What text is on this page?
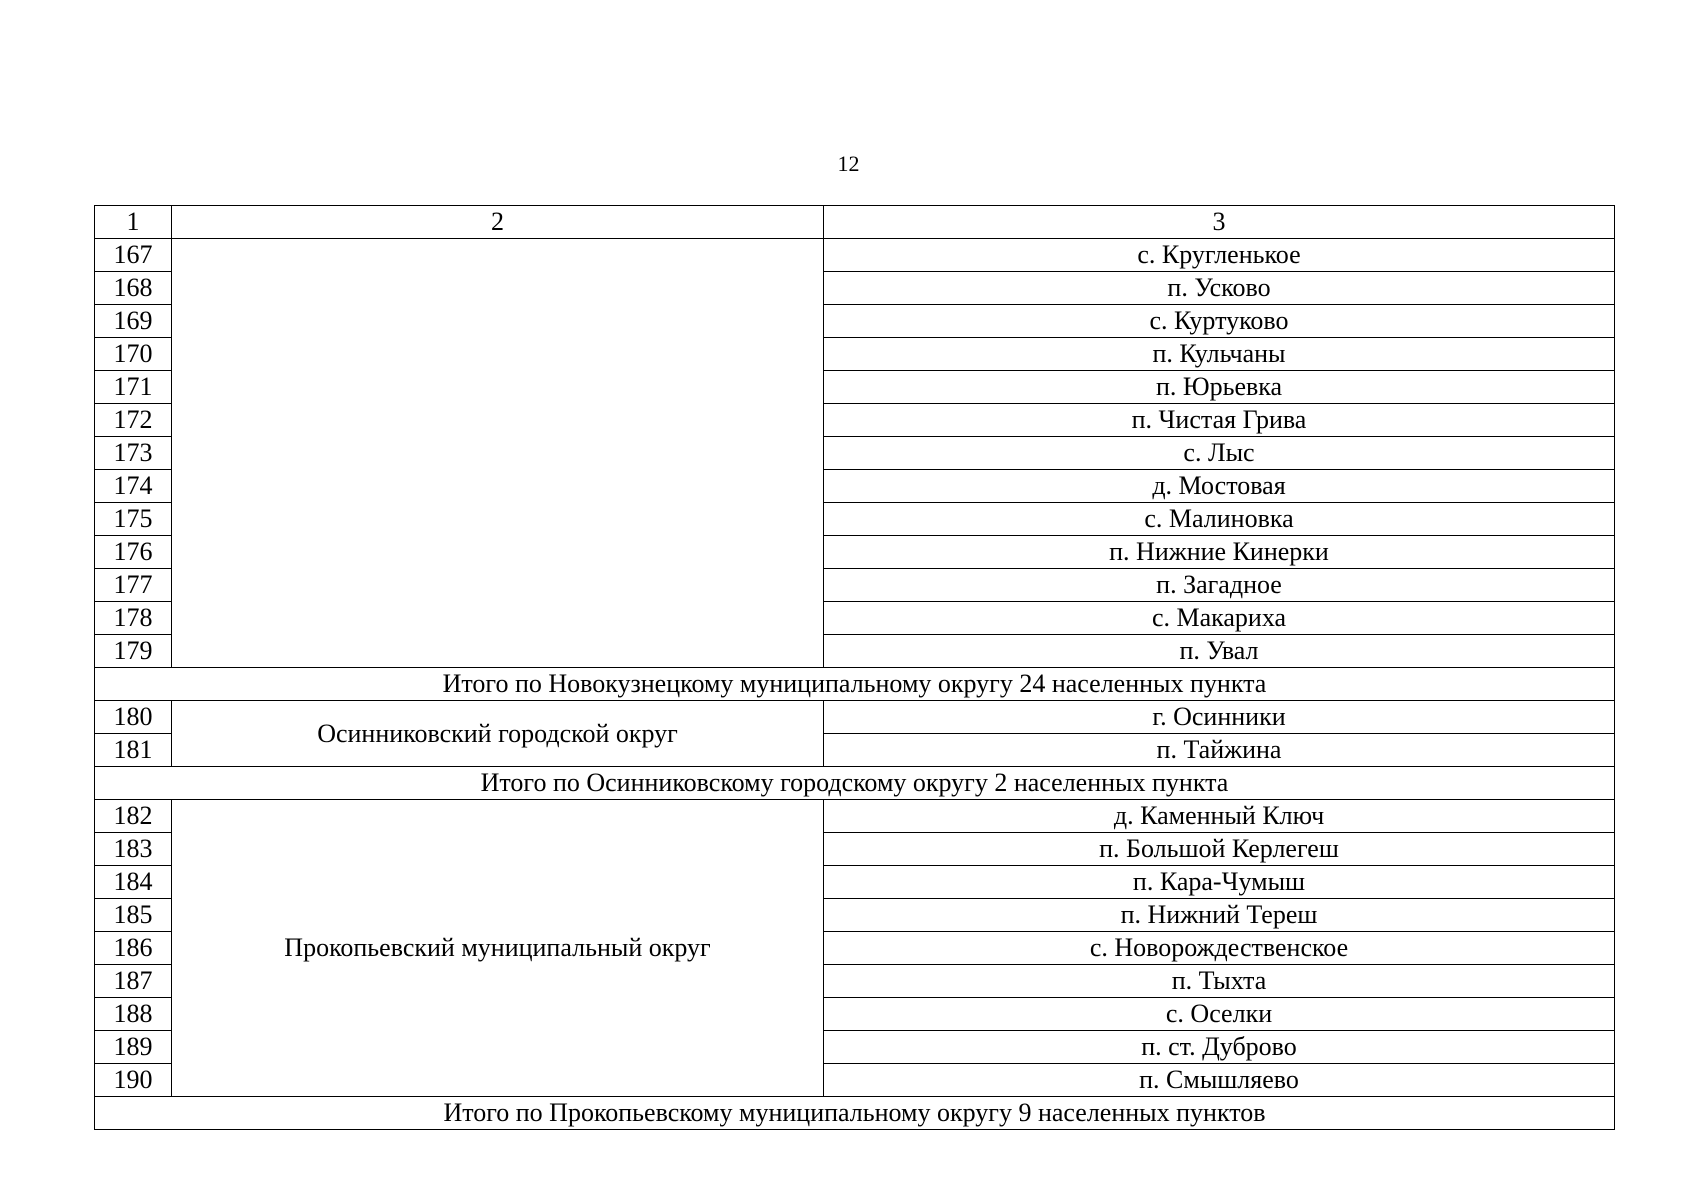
12
1	2	3
167		с. Кругленькое
168		п. Усково
169		с. Куртуково
170		п. Кульчаны
171		п. Юрьевка
172		п. Чистая Грива
173		с. Лыс
174		д. Мостовая
175		с. Малиновка
176		п. Нижние Кинерки
177		п. Загадное
178		с. Макариха
179		п. Увал
Итого по Новокузнецкому муниципальному округу 24 населенных пункта		
180	Осинниковский городской округ	г. Осинники
181		п. Тайжина
Итого по Осинниковскому городскому округу 2 населенных пункта		
182	Прокопьевский муниципальный округ	д. Каменный Ключ
183		п. Большой Керлегеш
184		п. Кара-Чумыш
185		п. Нижний Тереш
186		с. Новорождественское
187		п. Тыхта
188		с. Оселки
189		п. ст. Дуброво
190		п. Смышляево
Итого по Прокопьевскому муниципальному округу 9 населенных пунктов		
